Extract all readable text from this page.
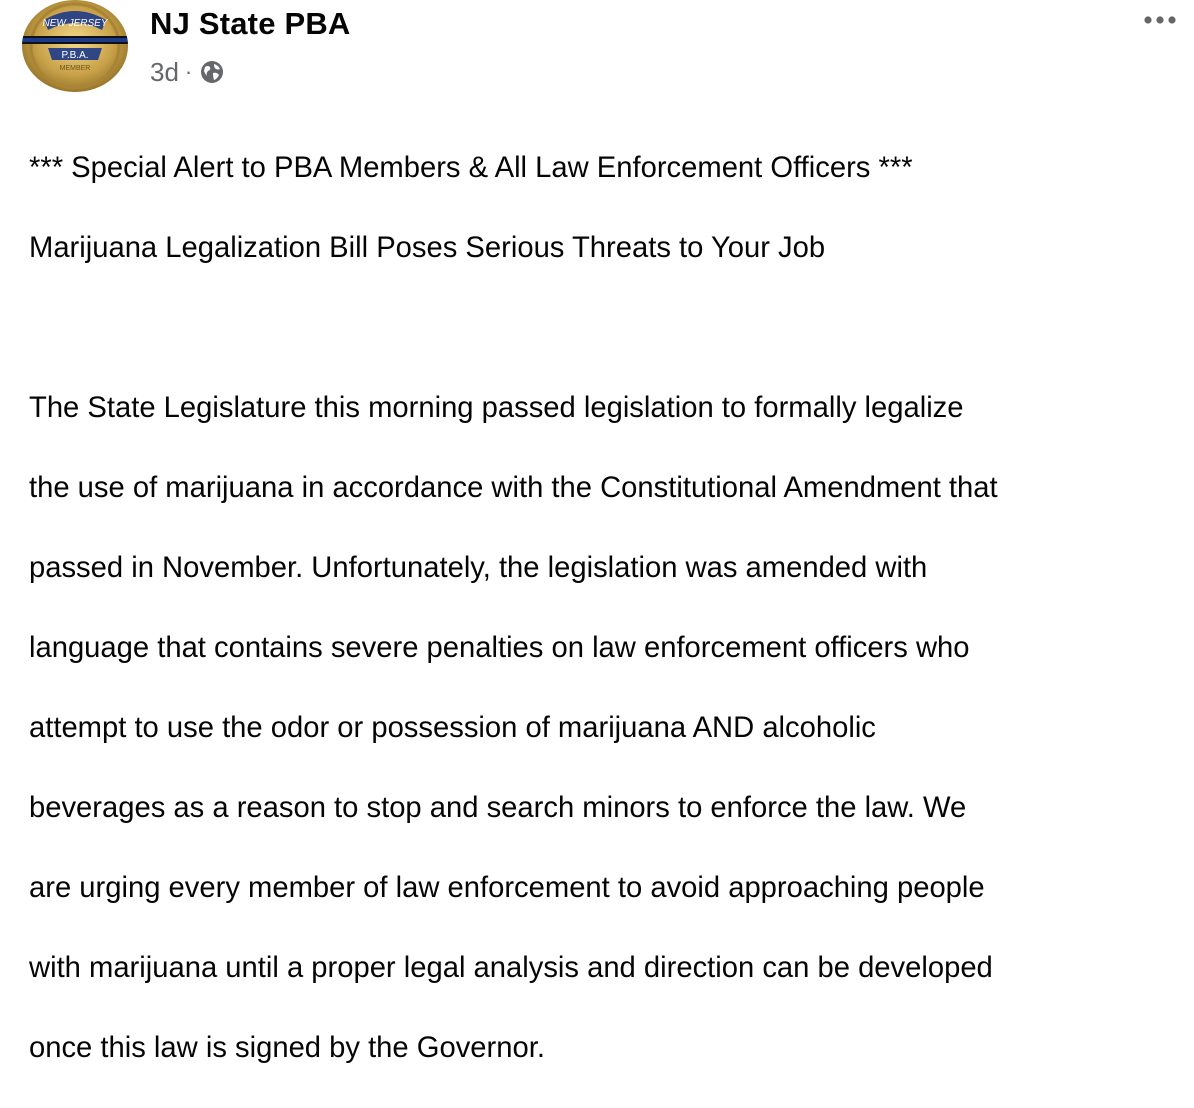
NEW JERSEY
P.B.A.
MEMBER
NJ State PBA
3d ·

*** Special Alert to PBA Members & All Law Enforcement Officers ***

Marijuana Legalization Bill Poses Serious Threats to Your Job

The State Legislature this morning passed legislation to formally legalize

the use of marijuana in accordance with the Constitutional Amendment that

passed in November. Unfortunately, the legislation was amended with

language that contains severe penalties on law enforcement officers who

attempt to use the odor or possession of marijuana AND alcoholic

beverages as a reason to stop and search minors to enforce the law. We

are urging every member of law enforcement to avoid approaching people

with marijuana until a proper legal analysis and direction can be developed

once this law is signed by the Governor.
